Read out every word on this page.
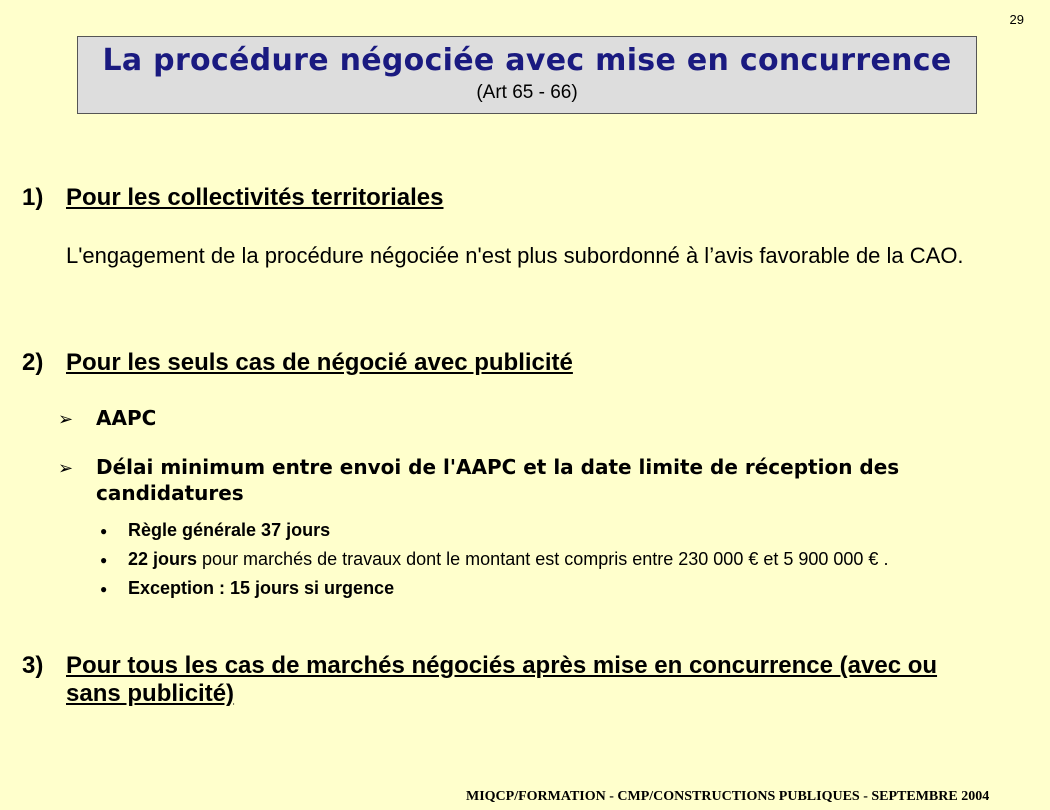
29
La procédure négociée avec mise en concurrence
(Art 65 - 66)
1) Pour les collectivités territoriales
L'engagement de la procédure négociée n'est plus subordonné à l’avis favorable de la CAO.
2) Pour les seuls cas de négocié avec publicité
➢ AAPC
➢ Délai minimum entre envoi de l'AAPC et la date limite de réception des candidatures
● Règle générale 37 jours
● 22 jours pour marchés de travaux dont le montant est compris entre 230 000 € et 5 900 000 € .
● Exception : 15 jours si urgence
3) Pour tous les cas de marchés négociés après mise en concurrence (avec ou sans publicité)
MIQCP/FORMATION - CMP/CONSTRUCTIONS PUBLIQUES - SEPTEMBRE 2004
